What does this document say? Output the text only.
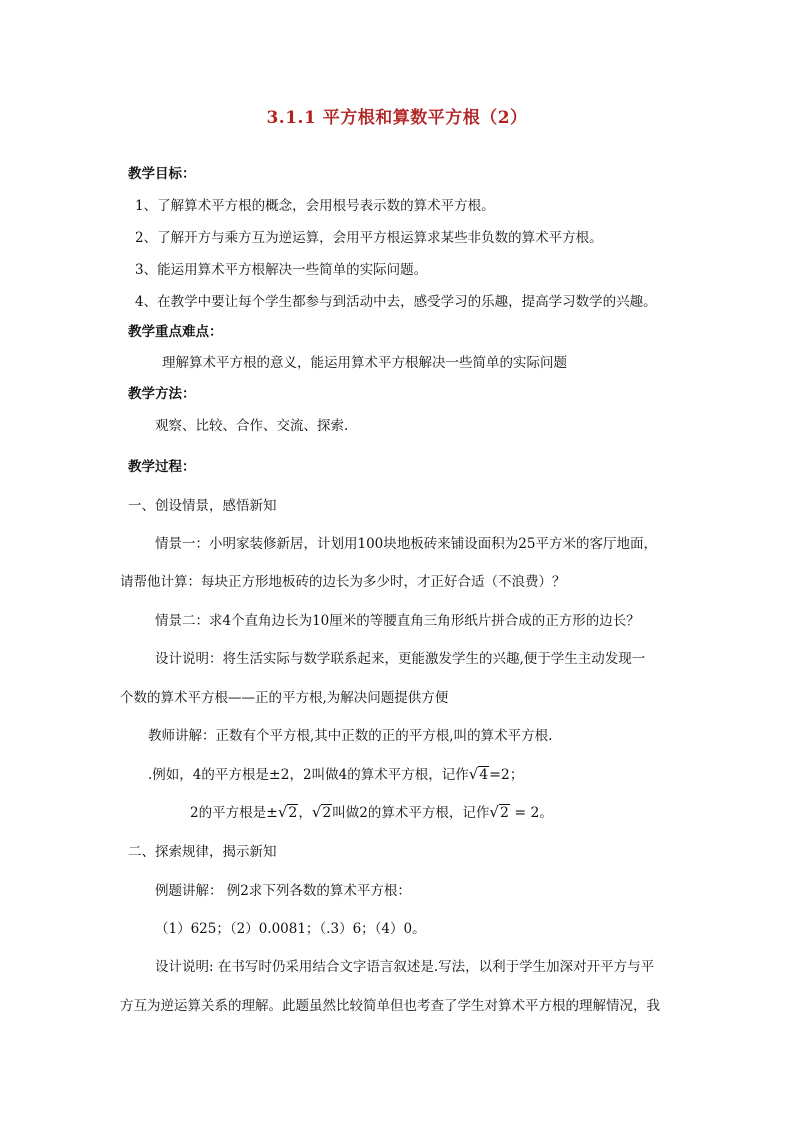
3.1.1 平方根和算数平方根（2）
教学目标：
1、了解算术平方根的概念，会用根号表示数的算术平方根。
2、了解开方与乘方互为逆运算，会用平方根运算求某些非负数的算术平方根。
3、能运用算术平方根解决一些简单的实际问题。
4、在教学中要让每个学生都参与到活动中去，感受学习的乐趣，提高学习数学的兴趣。
教学重点难点：
理解算术平方根的意义，能运用算术平方根解决一些简单的实际问题
教学方法：
观察、比较、合作、交流、探索.
教学过程：
一、创设情景，感悟新知
情景一：小明家装修新居，计划用100块地板砖来铺设面积为25平方米的客厅地面，
请帮他计算：每块正方形地板砖的边长为多少时，才正好合适（不浪费）？
情景二：求4个直角边长为10厘米的等腰直角三角形纸片拼合成的正方形的边长？
设计说明：将生活实际与数学联系起来，更能激发学生的兴趣,便于学生主动发现一
个数的算术平方根——正的平方根,为解决问题提供方便
教师讲解：正数有个平方根,其中正数的正的平方根,叫的算术平方根.
.例如，4的平方根是±2，2叫做4的算术平方根，记作√4=2；
2的平方根是±√2，√2叫做2的算术平方根，记作√2 = 2。
二、探索规律，揭示新知
例题讲解： 例2求下列各数的算术平方根：
（1）625；（2）0.0081；（.3）6；（4）0。
设计说明: 在书写时仍采用结合文字语言叙述是.写法，以利于学生加深对开平方与平
方互为逆运算关系的理解。此题虽然比较简单但也考查了学生对算术平方根的理解情况，我
